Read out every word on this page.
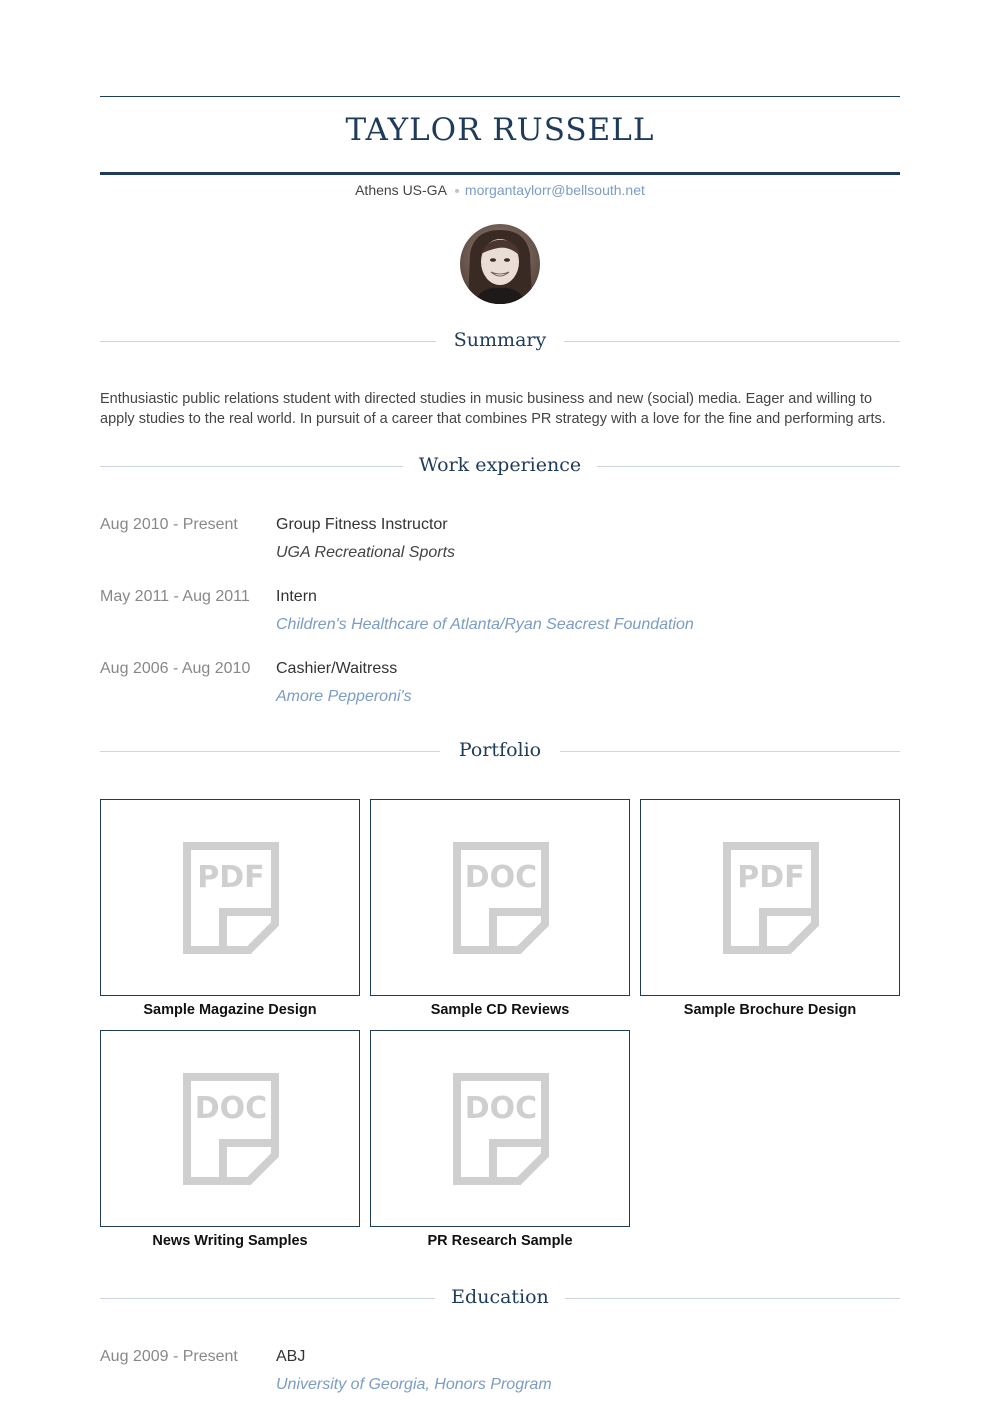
TAYLOR RUSSELL
Athens US-GA morgantaylorr@bellsouth.net
Summary
Enthusiastic public relations student with directed studies in music business and new (social) media. Eager and willing to apply studies to the real world. In pursuit of a career that combines PR strategy with a love for the fine and performing arts.
Work experience
Aug 2010 - Present Group Fitness Instructor
UGA Recreational Sports
May 2011 - Aug 2011 Intern
Children's Healthcare of Atlanta/Ryan Seacrest Foundation
Aug 2006 - Aug 2010 Cashier/Waitress
Amore Pepperoni's
Portfolio
PDF
Sample Magazine Design
DOC
Sample CD Reviews
PDF
Sample Brochure Design
DOC
News Writing Samples
DOC
PR Research Sample
Education
Aug 2009 - Present ABJ
University of Georgia, Honors Program
